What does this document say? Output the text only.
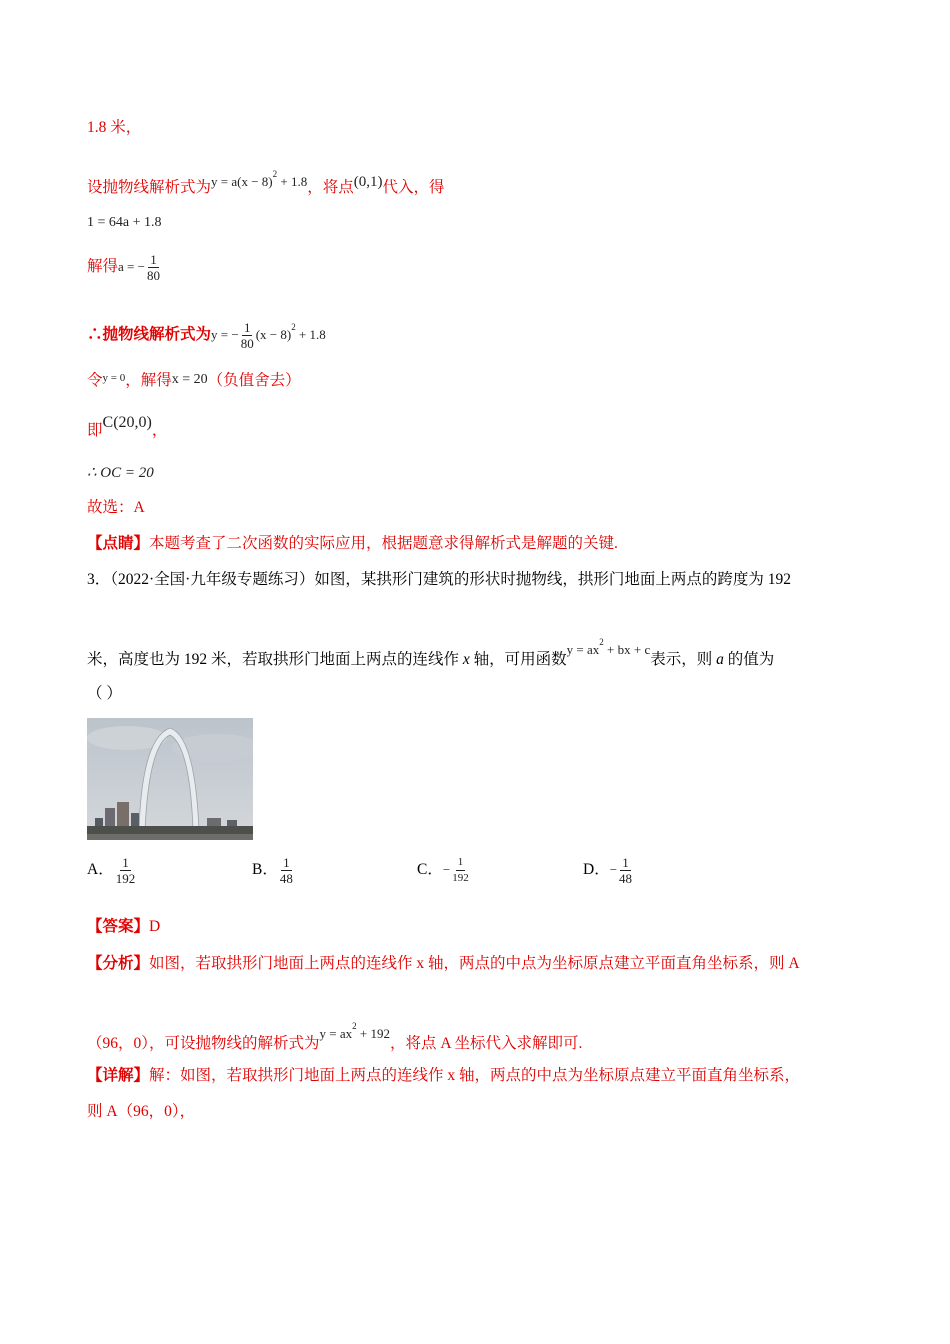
1.8 米，
设抛物线解析式为$^{y = a(x - 8)^2 + 1.8}$，将点(0,1)代入，得
1 = 64a + 1.8
解得a = − $\frac{1}{80}$
∴抛物线解析式为y = − $\frac{1}{80} (x - 8)^2 + 1.8$
令$^{y = 0}$，解得x = 20（负值舍去）
即C(20,0)，
∴ OC = 20
故选：A
【点睛】本题考查了二次函数的实际应用，根据题意求得解析式是解题的关键.
3．（2022·全国·九年级专题练习）如图，某拱形门建筑的形状时抛物线，拱形门地面上两点的跨度为 192
米，高度也为 192 米，若取拱形门地面上两点的连线作 x 轴，可用函数$^{y = ax^2 + bx + c}$表示，则 a 的值为
（ ）
A． $\frac{1}{192}$	B． $\frac{1}{48}$	C．− $\frac{1}{192}$	D．− $\frac{1}{48}$
【答案】D
【分析】如图，若取拱形门地面上两点的连线作 x 轴，两点的中点为坐标原点建立平面直角坐标系，则 A
（96，0），可设抛物线的解析式为$^{y = ax^2 + 192}$，将点 A 坐标代入求解即可.
【详解】解：如图，若取拱形门地面上两点的连线作 x 轴，两点的中点为坐标原点建立平面直角坐标系，
则 A（96，0），
